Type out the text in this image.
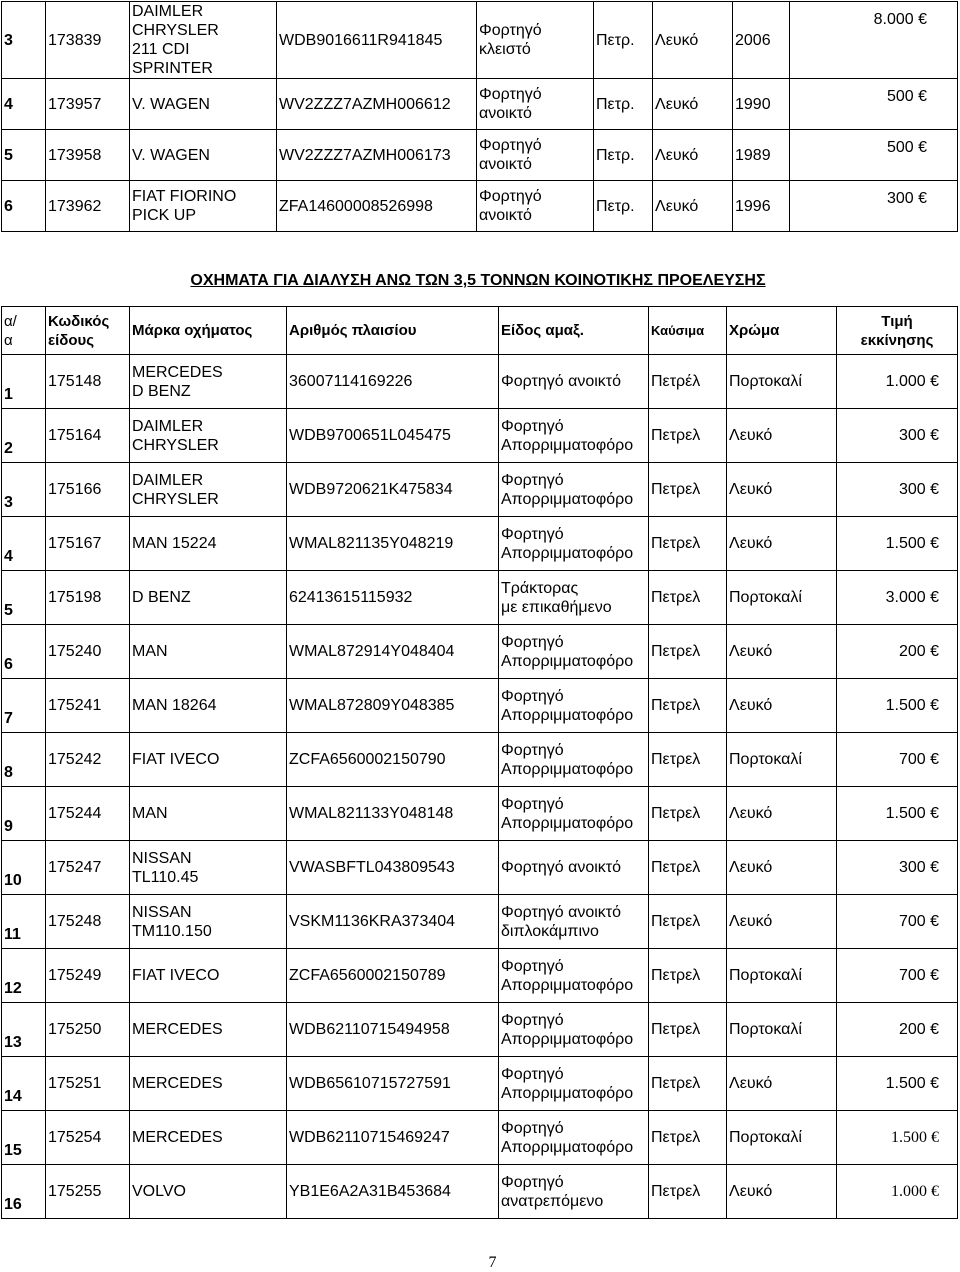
3	173839	DAIMLER
CHRYSLER
211 CDI
SPRINTER	WDB9016611R941845	Φορτηγό
κλειστό	Πετρ.	Λευκό	2006	8.000 €
4	173957	V. WAGEN	WV2ZZZ7AZMH006612	Φορτηγό
ανοικτό	Πετρ.	Λευκό	1990	500 €
5	173958	V. WAGEN	WV2ZZZ7AZMH006173	Φορτηγό
ανοικτό	Πετρ.	Λευκό	1989	500 €
6	173962	FIAT FIORINO
PICK UP	ZFA14600008526998	Φορτηγό
ανοικτό	Πετρ.	Λευκό	1996	300 €
ΟΧΗΜΑΤΑ ΓΙΑ ΔΙΑΛΥΣΗ ΑΝΩ ΤΩΝ 3,5 ΤΟΝΝΩΝ ΚΟΙΝΟΤΙΚΗΣ ΠΡΟΕΛΕΥΣΗΣ
α/
α	Κωδικός
είδους	Μάρκα οχήματος	Αριθμός πλαισίου	Είδος αμαξ.	Καύσιμα	Χρώμα	Τιμή
εκκίνησης
1	175148	MERCEDES
D BENZ	36007114169226	Φορτηγό ανοικτό	Πετρέλ	Πορτοκαλί	1.000 €
2	175164	DAIMLER
CHRYSLER	WDB9700651L045475	Φορτηγό
Απορριμματοφόρο	Πετρελ	Λευκό	300 €
3	175166	DAIMLER
CHRYSLER	WDB9720621K475834	Φορτηγό
Απορριμματοφόρο	Πετρελ	Λευκό	300 €
4	175167	MAN 15224	WMAL821135Y048219	Φορτηγό
Απορριμματοφόρο	Πετρελ	Λευκό	1.500 €
5	175198	D BENZ	62413615115932	Τράκτορας
με επικαθήμενο	Πετρελ	Πορτοκαλί	3.000 €
6	175240	MAN	WMAL872914Y048404	Φορτηγό
Απορριμματοφόρο	Πετρελ	Λευκό	200 €
7	175241	MAN 18264	WMAL872809Y048385	Φορτηγό
Απορριμματοφόρο	Πετρελ	Λευκό	1.500 €
8	175242	FIAT IVECO	ZCFA6560002150790	Φορτηγό
Απορριμματοφόρο	Πετρελ	Πορτοκαλί	700 €
9	175244	MAN	WMAL821133Y048148	Φορτηγό
Απορριμματοφόρο	Πετρελ	Λευκό	1.500 €
10	175247	NISSAN
TL110.45	VWASBFTL043809543	Φορτηγό ανοικτό	Πετρελ	Λευκό	300 €
11	175248	NISSAN
TM110.150	VSKM1136KRA373404	Φορτηγό ανοικτό
διπλοκάμπινο	Πετρελ	Λευκό	700 €
12	175249	FIAT IVECO	ZCFA6560002150789	Φορτηγό
Απορριμματοφόρο	Πετρελ	Πορτοκαλί	700 €
13	175250	MERCEDES	WDB62110715494958	Φορτηγό
Απορριμματοφόρο	Πετρελ	Πορτοκαλί	200 €
14	175251	MERCEDES	WDB65610715727591	Φορτηγό
Απορριμματοφόρο	Πετρελ	Λευκό	1.500 €
15	175254	MERCEDES	WDB62110715469247	Φορτηγό
Απορριμματοφόρο	Πετρελ	Πορτοκαλί	1.500 €
16	175255	VOLVO	YB1E6A2A31B453684	Φορτηγό
ανατρεπόμενο	Πετρελ	Λευκό	1.000 €
7
